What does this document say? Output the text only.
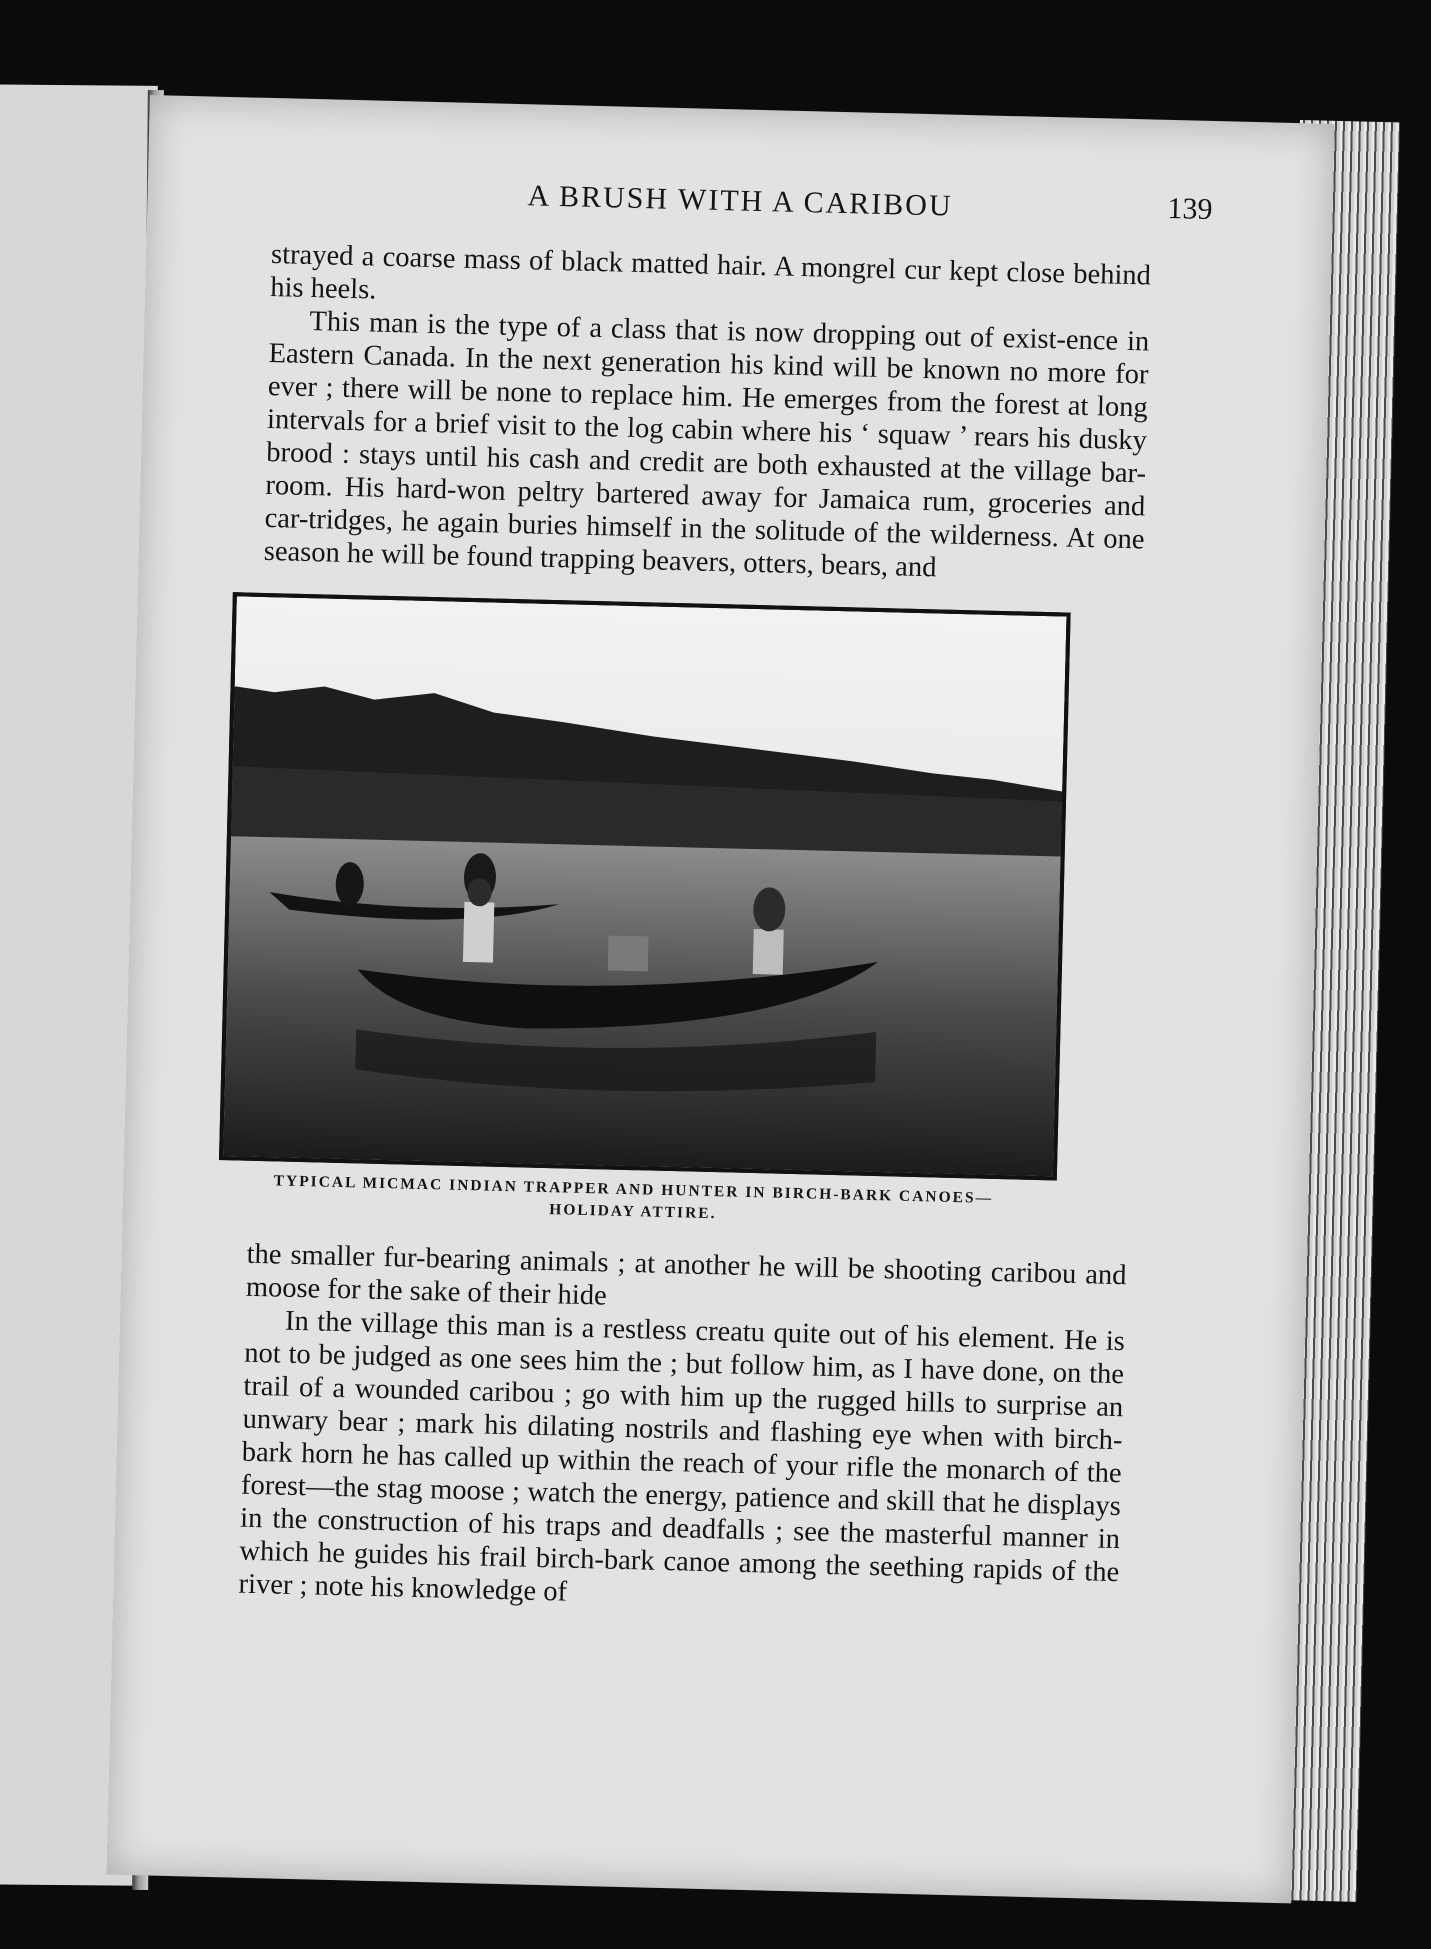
A BRUSH WITH A CARIBOU	139

strayed a coarse mass of black matted hair. A mongrel cur kept close behind his heels.

This man is the type of a class that is now dropping out of exist-ence in Eastern Canada. In the next generation his kind will be known no more for ever ; there will be none to replace him. He emerges from the forest at long intervals for a brief visit to the log cabin where his ‘ squaw ’ rears his dusky brood : stays until his cash and credit are both exhausted at the village bar-room. His hard-won peltry bartered away for Jamaica rum, groceries and car-tridges, he again buries himself in the solitude of the wilderness. At one season he will be found trapping beavers, otters, bears, and

TYPICAL MICMAC INDIAN TRAPPER AND HUNTER IN BIRCH-BARK CANOES—
HOLIDAY ATTIRE.

the smaller fur-bearing animals ; at another he will be shooting caribou and moose for the sake of their hide

In the village this man is a restless creatu quite out of his element. He is not to be judged as one sees him the ; but follow him, as I have done, on the trail of a wounded caribou ; go with him up the rugged hills to surprise an unwary bear ; mark his dilating nostrils and flashing eye when with birch-bark horn he has called up within the reach of your rifle the monarch of the forest—the stag moose ; watch the energy, patience and skill that he displays in the construction of his traps and deadfalls ; see the masterful manner in which he guides his frail birch-bark canoe among the seething rapids of the river ; note his knowledge of
